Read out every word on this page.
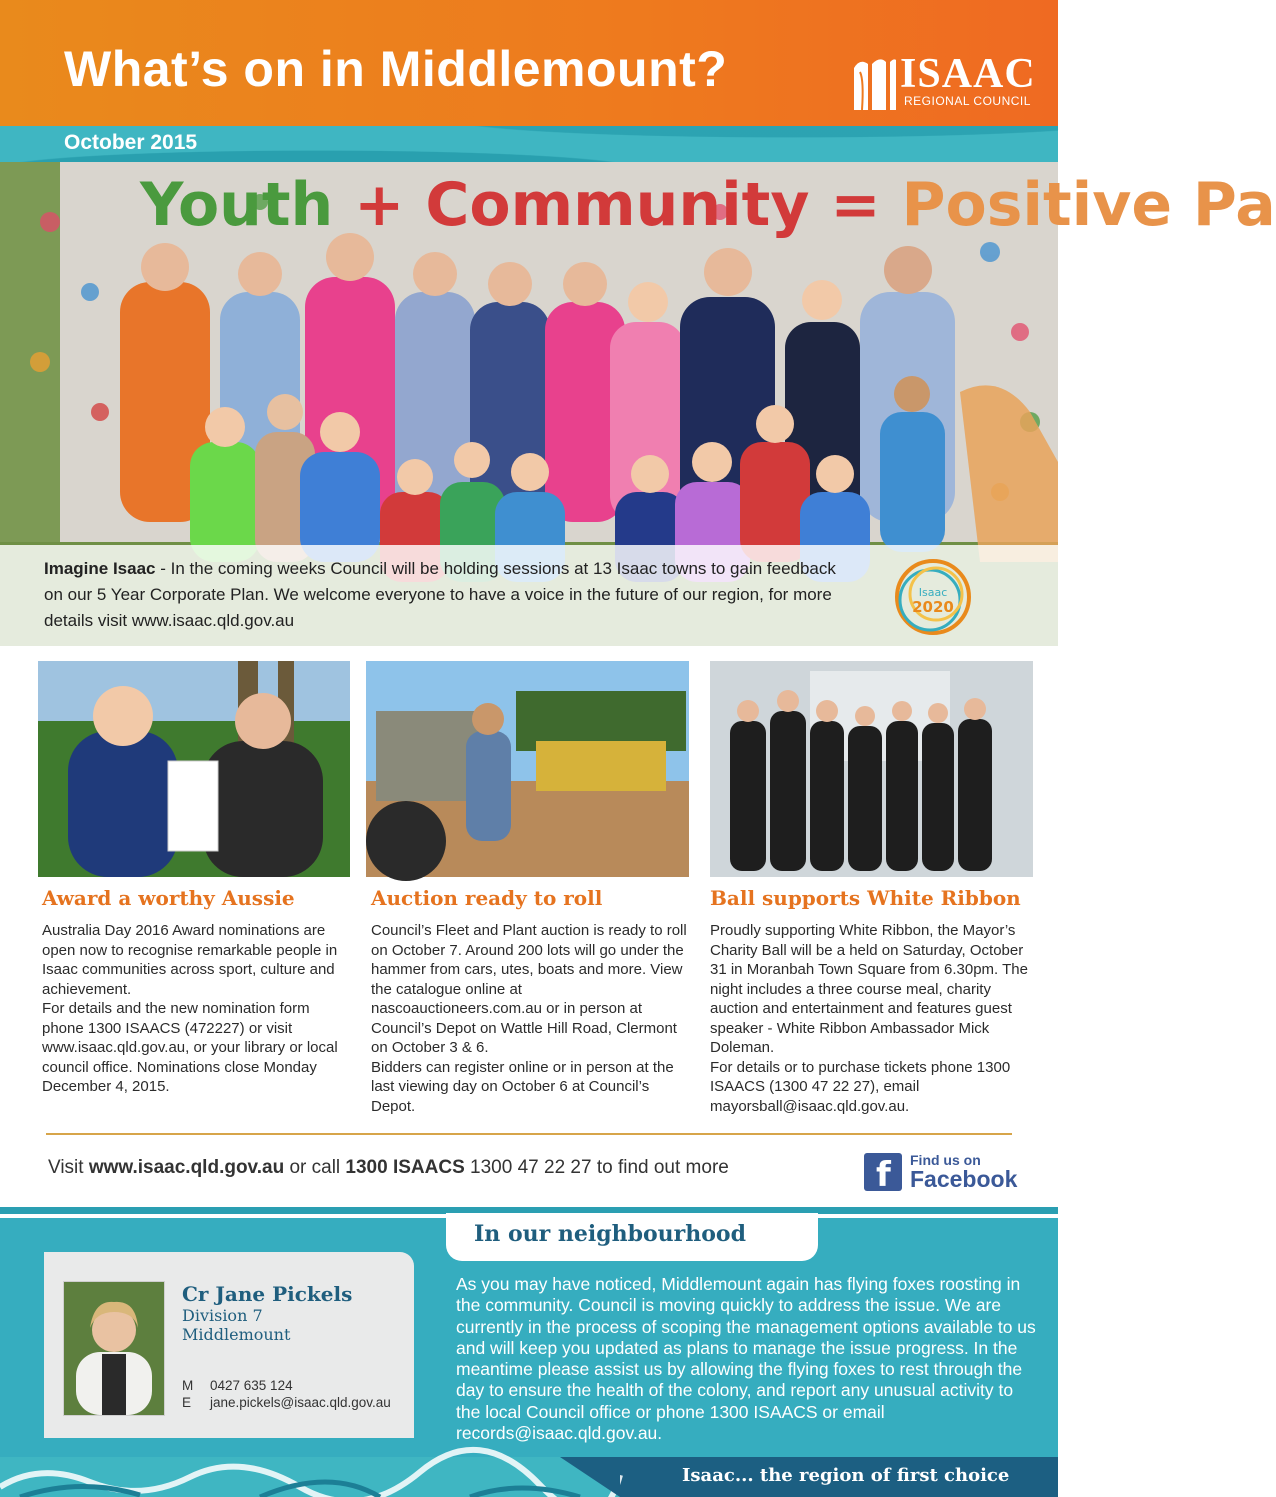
What’s on in Middlemount?	ISAAC
REGIONAL COUNCIL
October 2015
Youth + Community = Positive Pa
Imagine Isaac - In the coming weeks Council will be holding sessions at 13 Isaac towns to gain feedback on our 5 Year Corporate Plan. We welcome everyone to have a voice in the future of our region, for more details visit www.isaac.qld.gov.au
Isaac
2020
Award a worthy Aussie	Auction ready to roll	Ball supports White Ribbon

Australia Day 2016 Award nominations are open now to recognise remarkable people in Isaac communities across sport, culture and achievement.

For details and the new nomination form phone 1300 ISAACS (472227) or visit www.isaac.qld.gov.au, or your library or local council office. Nominations close Monday December 4, 2015.

Council’s Fleet and Plant auction is ready to roll on October 7. Around 200 lots will go under the hammer from cars, utes, boats and more. View the catalogue online at nascoauctioneers.com.au or in person at Council’s Depot on Wattle Hill Road, Clermont on October 3 & 6.

Bidders can register online or in person at the last viewing day on October 6 at Council’s Depot.

Proudly supporting White Ribbon, the Mayor’s Charity Ball will be a held on Saturday, October 31 in Moranbah Town Square from 6.30pm. The night includes a three course meal, charity auction and entertainment and features guest speaker - White Ribbon Ambassador Mick Doleman.

For details or to purchase tickets phone 1300 ISAACS (1300 47 22 27), email mayorsball@isaac.qld.gov.au.

Visit www.isaac.qld.gov.au or call 1300 ISAACS 1300 47 22 27 to find out more	f Find us on
Facebook
In our neighbourhood
As you may have noticed, Middlemount again has flying foxes roosting in the community. Council is moving quickly to address the issue. We are currently in the process of scoping the management options available to us and will keep you updated as plans to manage the issue progress. In the meantime please assist us by allowing the flying foxes to rest through the day to ensure the health of the colony, and report any unusual activity to the local Council office or phone 1300 ISAACS or email records@isaac.qld.gov.au.
Cr Jane Pickels
Division 7
Middlemount
M 0427 635 124
E jane.pickels@isaac.qld.gov.au
Isaac... the region of first choice
